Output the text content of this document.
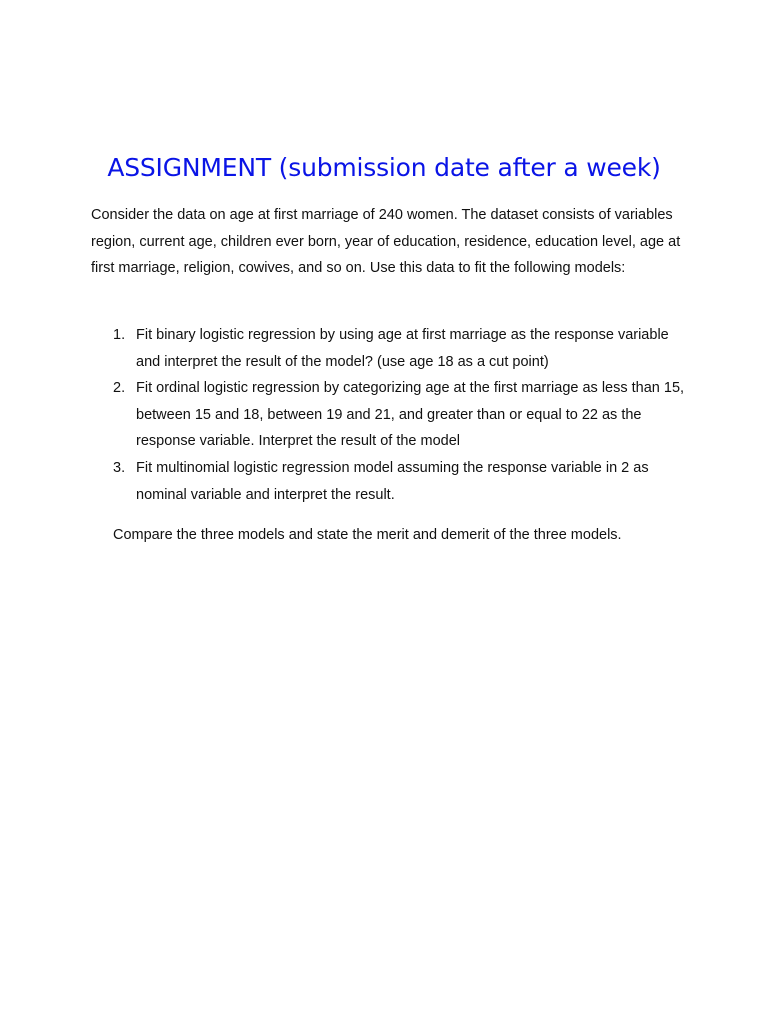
ASSIGNMENT (submission date after a week)

Consider the data on age at first marriage of 240 women. The dataset consists of variables region, current age, children ever born, year of education, residence, education level, age at first marriage, religion, cowives, and so on. Use this data to fit the following models:

1. Fit binary logistic regression by using age at first marriage as the response variable and interpret the result of the model? (use age 18 as a cut point)
2. Fit ordinal logistic regression by categorizing age at the first marriage as less than 15, between 15 and 18, between 19 and 21, and greater than or equal to 22 as the response variable. Interpret the result of the model
3. Fit multinomial logistic regression model assuming the response variable in 2 as nominal variable and interpret the result.

Compare the three models and state the merit and demerit of the three models.
